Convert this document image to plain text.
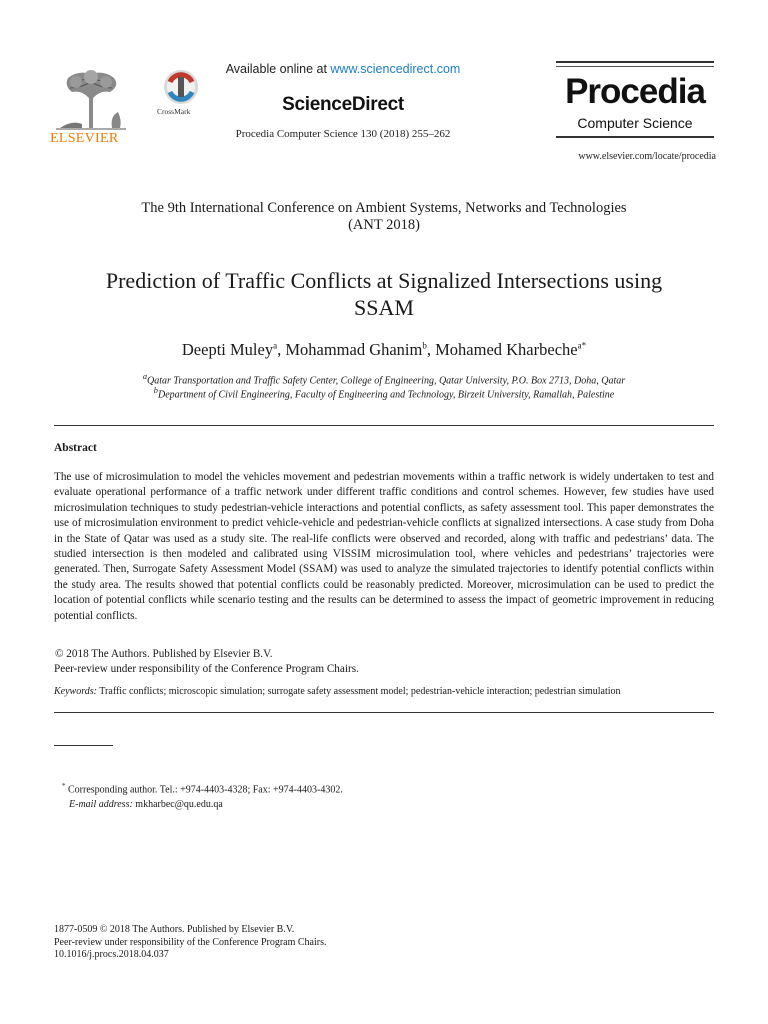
ELSEVIER
CrossMark
Available online at www.sciencedirect.com
ScienceDirect
Procedia Computer Science 130 (2018) 255–262
Procedia
Computer Science
www.elsevier.com/locate/procedia
The 9th International Conference on Ambient Systems, Networks and Technologies
(ANT 2018)
Prediction of Traffic Conflicts at Signalized Intersections using
SSAM
Deepti Muley$^a$, Mohammad Ghanim$^b$, Mohamed Kharbeche$^{a*}$
$^a$Qatar Transportation and Traffic Safety Center, College of Engineering, Qatar University, P.O. Box 2713, Doha, Qatar
$^b$Department of Civil Engineering, Faculty of Engineering and Technology, Birzeit University, Ramallah, Palestine
Abstract
The use of microsimulation to model the vehicles movement and pedestrian movements within a traffic network is widely undertaken to test and evaluate operational performance of a traffic network under different traffic conditions and control schemes. However, few studies have used microsimulation techniques to study pedestrian-vehicle interactions and potential conflicts, as safety assessment tool. This paper demonstrates the use of microsimulation environment to predict vehicle-vehicle and pedestrian-vehicle conflicts at signalized intersections. A case study from Doha in the State of Qatar was used as a study site. The real-life conflicts were observed and recorded, along with traffic and pedestrians’ data. The studied intersection is then modeled and calibrated using VISSIM microsimulation tool, where vehicles and pedestrians’ trajectories were generated. Then, Surrogate Safety Assessment Model (SSAM) was used to analyze the simulated trajectories to identify potential conflicts within the study area. The results showed that potential conflicts could be reasonably predicted. Moreover, microsimulation can be used to predict the location of potential conflicts while scenario testing and the results can be determined to assess the impact of geometric improvement in reducing potential conflicts.
© 2018 The Authors. Published by Elsevier B.V.
Peer-review under responsibility of the Conference Program Chairs.
Keywords: Traffic conflicts; microscopic simulation; surrogate safety assessment model; pedestrian-vehicle interaction; pedestrian simulation
* Corresponding author. Tel.: +974-4403-4328; Fax: +974-4403-4302.
E-mail address: mkharbec@qu.edu.qa
1877-0509 © 2018 The Authors. Published by Elsevier B.V.
Peer-review under responsibility of the Conference Program Chairs.
10.1016/j.procs.2018.04.037
